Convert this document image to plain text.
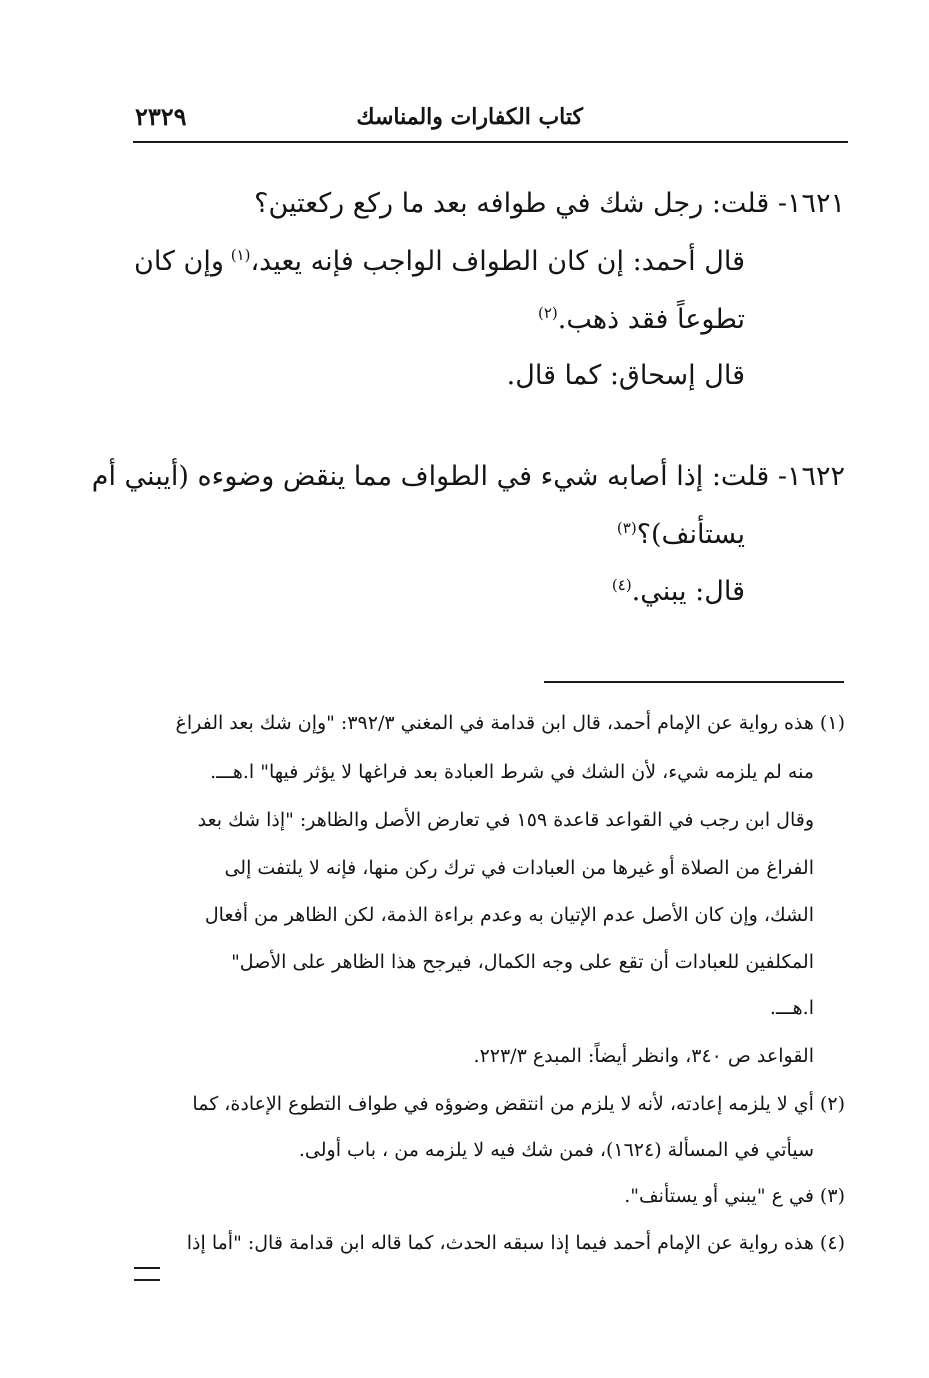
كتاب الكفارات والمناسك
٢٣٢٩
١٦٢١- قلت: رجل شك في طوافه بعد ما ركع ركعتين؟
قال أحمد: إن كان الطواف الواجب فإنه يعيد،$^{(١)}$
وإن كان
تطوعاً فقد ذهب.$^{(٢)}$
قال إسحاق: كما قال.
١٦٢٢- قلت: إذا أصابه شيء في الطواف مما ينقض وضوءه (أيبني أم
يستأنف)؟$^{(٣)}$
قال: يبني.$^{(٤)}$
(١) هذه رواية عن الإمام أحمد، قال ابن قدامة في المغني ٣٩٢/٣: "وإن شك بعد الفراغ
منه لم يلزمه شيء، لأن الشك في شرط العبادة بعد فراغها لا يؤثر فيها" ا.هـــ.
وقال ابن رجب في القواعد قاعدة ١٥٩ في تعارض الأصل والظاهر: "إذا شك بعد
الفراغ من الصلاة أو غيرها من العبادات في ترك ركن منها، فإنه لا يلتفت إلى
الشك، وإن كان الأصل عدم الإتيان به وعدم براءة الذمة، لكن الظاهر من أفعال
المكلفين للعبادات أن تقع على وجه الكمال، فيرجح هذا الظاهر على الأصل"
ا.هـــ.
القواعد ص ٣٤٠، وانظر أيضاً: المبدع ٢٢٣/٣.
(٢) أي لا يلزمه إعادته، لأنه لا يلزم من انتقض وضوؤه في طواف التطوع الإعادة، كما
سيأتي في المسألة (١٦٢٤)، فمن شك فيه لا يلزمه من ، باب أولى.
(٣) في ع "يبني أو يستأنف".
(٤) هذه رواية عن الإمام أحمد فيما إذا سبقه الحدث، كما قاله ابن قدامة قال: "أما إذا
